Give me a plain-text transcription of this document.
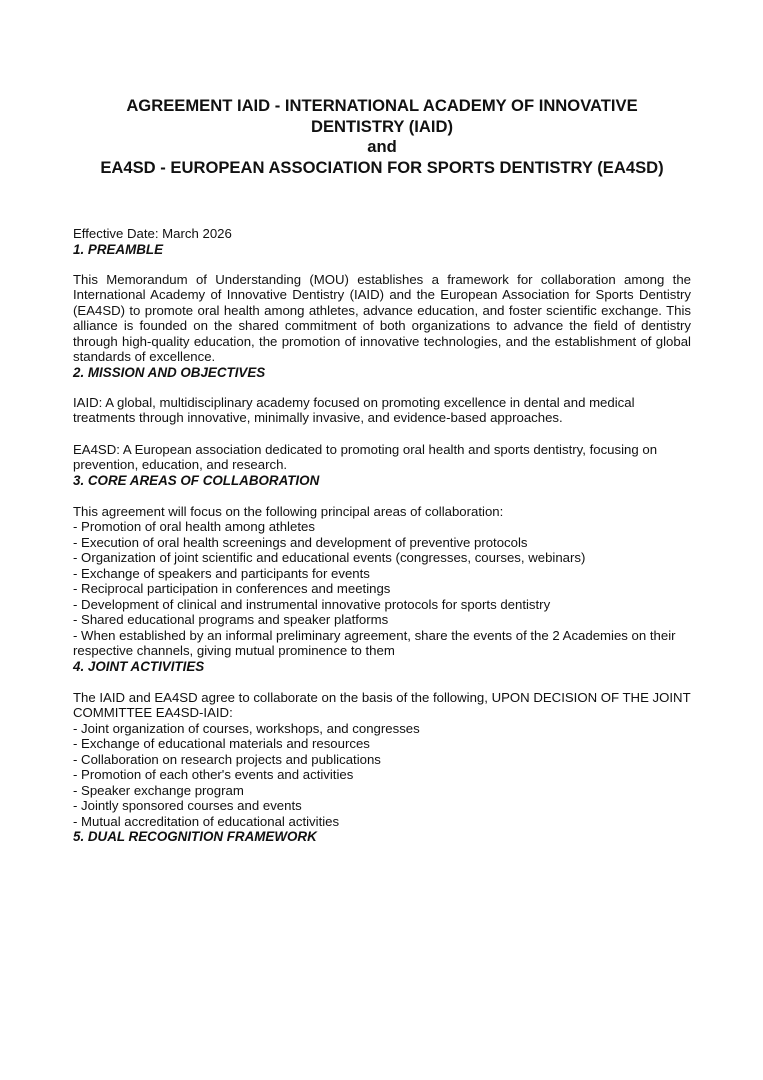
AGREEMENT IAID - INTERNATIONAL ACADEMY OF INNOVATIVE
DENTISTRY (IAID)
and
EA4SD - EUROPEAN ASSOCIATION FOR SPORTS DENTISTRY (EA4SD)

Effective Date: March 2026

1. PREAMBLE

This Memorandum of Understanding (MOU) establishes a framework for collaboration among the International Academy of Innovative Dentistry (IAID) and the European Association for Sports Dentistry (EA4SD) to promote oral health among athletes, advance education, and foster scientific exchange. This alliance is founded on the shared commitment of both organizations to advance the field of dentistry through high-quality education, the promotion of innovative technologies, and the establishment of global standards of excellence.

2. MISSION AND OBJECTIVES

IAID: A global, multidisciplinary academy focused on promoting excellence in dental and medical treatments through innovative, minimally invasive, and evidence-based approaches.

EA4SD: A European association dedicated to promoting oral health and sports dentistry, focusing on prevention, education, and research.

3. CORE AREAS OF COLLABORATION

This agreement will focus on the following principal areas of collaboration:

- Promotion of oral health among athletes
- Execution of oral health screenings and development of preventive protocols
- Organization of joint scientific and educational events (congresses, courses, webinars)
- Exchange of speakers and participants for events
- Reciprocal participation in conferences and meetings
- Development of clinical and instrumental innovative protocols for sports dentistry
- Shared educational programs and speaker platforms
- When established by an informal preliminary agreement, share the events of the 2 Academies on their respective channels, giving mutual prominence to them
4. JOINT ACTIVITIES

The IAID and EA4SD agree to collaborate on the basis of the following, UPON DECISION OF THE JOINT COMMITTEE EA4SD-IAID:

- Joint organization of courses, workshops, and congresses
- Exchange of educational materials and resources
- Collaboration on research projects and publications
- Promotion of each other's events and activities
- Speaker exchange program
- Jointly sponsored courses and events
- Mutual accreditation of educational activities
5. DUAL RECOGNITION FRAMEWORK
